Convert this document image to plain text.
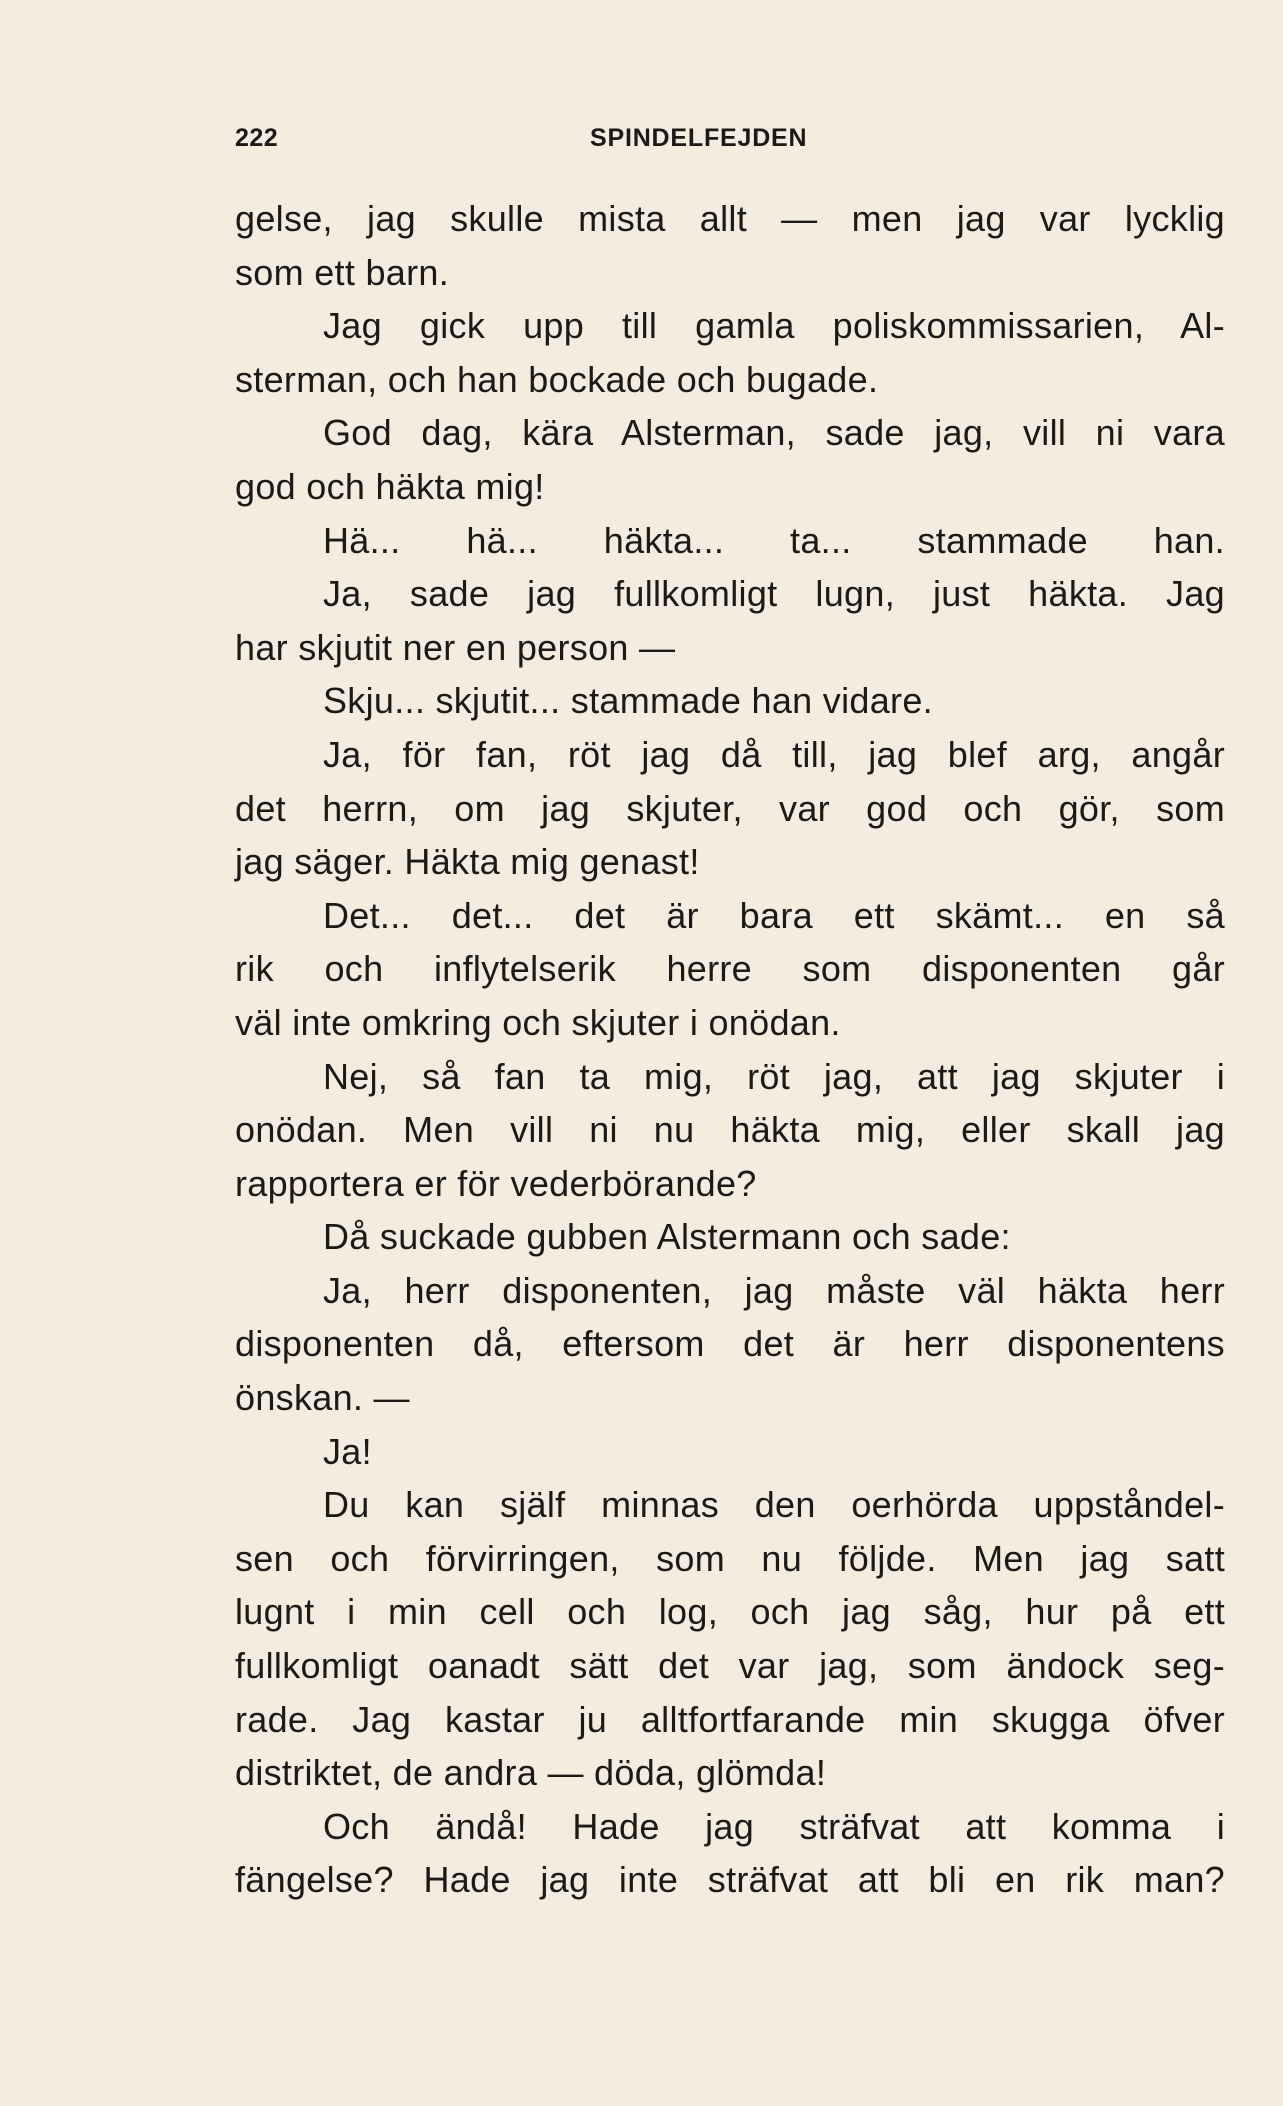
222	SPINDELFEJDEN
gelse, jag skulle mista allt — men jag var lycklig
som ett barn.
Jag gick upp till gamla poliskommissarien, Al-
sterman, och han bockade och bugade.
God dag, kära Alsterman, sade jag, vill ni vara
god och häkta mig!
Hä... hä... häkta... ta... stammade han.
Ja, sade jag fullkomligt lugn, just häkta. Jag
har skjutit ner en person —
Skju... skjutit... stammade han vidare.
Ja, för fan, röt jag då till, jag blef arg, angår
det herrn, om jag skjuter, var god och gör, som
jag säger. Häkta mig genast!
Det... det... det är bara ett skämt... en så
rik och inflytelserik herre som disponenten går
väl inte omkring och skjuter i onödan.
Nej, så fan ta mig, röt jag, att jag skjuter i
onödan. Men vill ni nu häkta mig, eller skall jag
rapportera er för vederbörande?
Då suckade gubben Alstermann och sade:
Ja, herr disponenten, jag måste väl häkta herr
disponenten då, eftersom det är herr disponentens
önskan. —
Ja!
Du kan själf minnas den oerhörda uppståndel-
sen och förvirringen, som nu följde. Men jag satt
lugnt i min cell och log, och jag såg, hur på ett
fullkomligt oanadt sätt det var jag, som ändock seg-
rade. Jag kastar ju alltfortfarande min skugga öfver
distriktet, de andra — döda, glömda!
Och ändå! Hade jag sträfvat att komma i
fängelse? Hade jag inte sträfvat att bli en rik man?
